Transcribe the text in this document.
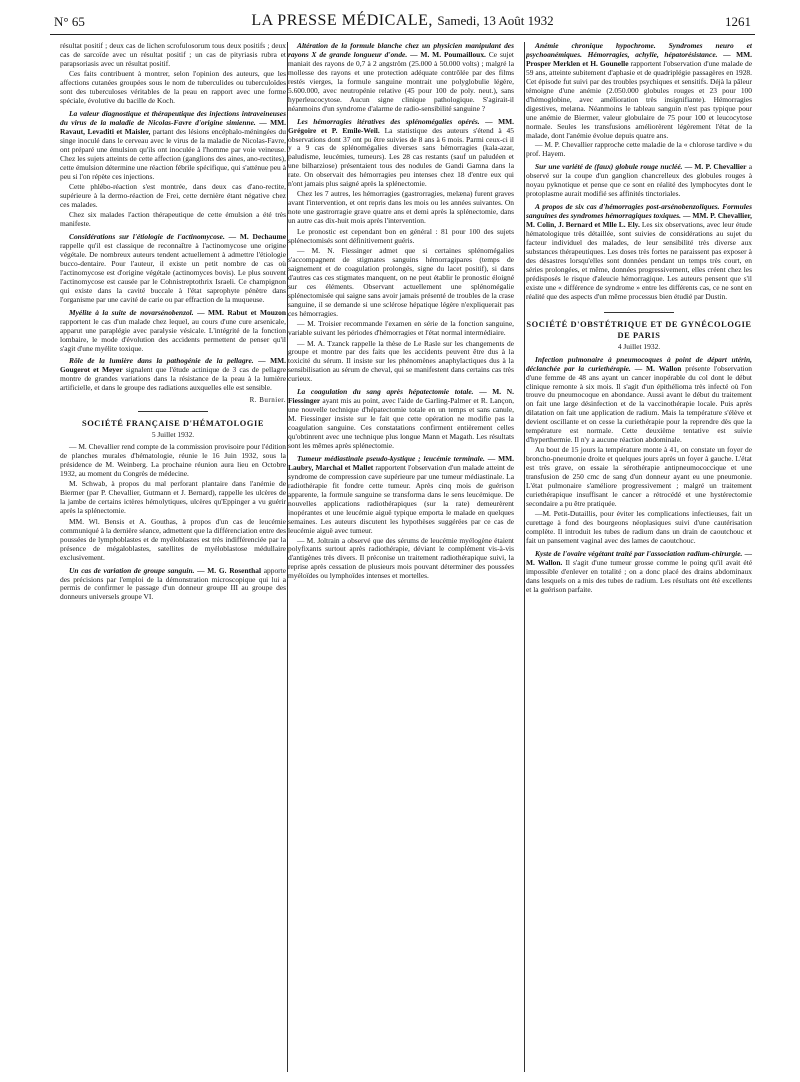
N° 65	LA PRESSE MÉDICALE, Samedi, 13 Août 1932	1261

résultat positif ; deux cas de lichen scrofulosorum tous deux positifs ; deux cas de sarcoïde avec un résultat positif ; un cas de pityriasis rubra et parapsoriasis avec un résultat positif.

Ces faits contribuent à montrer, selon l'opinion des auteurs, que les affections cutanées groupées sous le nom de tuberculides ou tuberculoïdes sont des tuberculoses véritables de la peau en rapport avec une forme spéciale, évolutive du bacille de Koch.

La valeur diagnostique et thérapeutique des injections intraveineuses du virus de la maladie de Nicolas-Favre d'origine simienne. — MM. Ravaut, Levaditi et Maisler, partant des lésions encéphalo-méningées du singe inoculé dans le cerveau avec le virus de la maladie de Nicolas-Favre, ont préparé une émulsion qu'ils ont inoculée à l'homme par voie veineuse. Chez les sujets atteints de cette affection (ganglions des aines, ano-rectites), cette émulsion détermine une réaction fébrile spécifique, qui s'atténue peu à peu si l'on répète ces injections.

Cette phlébo-réaction s'est montrée, dans deux cas d'ano-rectite, supérieure à la dermo-réaction de Frei, cette dernière étant négative chez ces malades.

Chez six malades l'action thérapeutique de cette émulsion a été très manifeste.

Considérations sur l'étiologie de l'actinomycose. — M. Dechaume rappelle qu'il est classique de reconnaître à l'actinomycose une origine végétale. De nombreux auteurs tendent actuellement à admettre l'étiologie bucco-dentaire. Pour l'auteur, il existe un petit nombre de cas où l'actinomycose est d'origine végétale (actinomyces bovis). Le plus souvent l'actinomycose est causée par le Cohnistreptothrix Israeli. Ce champignon qui existe dans la cavité buccale à l'état saprophyte pénètre dans l'organisme par une cavité de carie ou par effraction de la muqueuse.

Myélite à la suite de novarsénobenzol. — MM. Rabut et Mouzon rapportent le cas d'un malade chez lequel, au cours d'une cure arsenicale, apparut une paraplégie avec paralysie vésicale. L'intégrité de la fonction lombaire, le mode d'évolution des accidents permettent de penser qu'il s'agit d'une myélite toxique.

Rôle de la lumière dans la pathogénie de la pellagre. — MM. Gougerot et Meyer signalent que l'étude actinique de 3 cas de pellagre montre de grandes variations dans la résistance de la peau à la lumière artificielle, et dans le groupe des radiations auxquelles elle est sensible.

R. Burnier.
SOCIÉTÉ FRANÇAISE D'HÉMATOLOGIE
5 Juillet 1932.

— M. Chevallier rend compte de la commission provisoire pour l'édition de planches murales d'hématologie, réunie le 16 Juin 1932, sous la présidence de M. Weinberg. La prochaine réunion aura lieu en Octobre 1932, au moment du Congrès de médecine.

M. Schwab, à propos du mal perforant plantaire dans l'anémie de Biermer (par P. Chevallier, Gutmann et J. Bernard), rappelle les ulcères de la jambe de certains ictères hémolytiques, ulcères qu'Eppinger a vu guérir après la splénectomie.

MM. Wl. Bensis et A. Gouthas, à propos d'un cas de leucémie communiqué à la dernière séance, admettent que la différenciation entre des poussées de lymphoblastes et de myéloblastes est très indifférenciée par la présence de mégaloblastes, satellites de myéloblastose médullaire exclusivement.

Un cas de variation de groupe sanguin. — M. G. Rosenthal apporte des précisions par l'emploi de la démonstration microscopique qui lui a permis de confirmer le passage d'un donneur groupe III au groupe des donneurs universels groupe VI.

Altération de la formule blanche chez un physicien manipulant des rayons X de grande longueur d'onde. — M. M. Poumailloux. Ce sujet maniait des rayons de 0,7 à 2 angström (25.000 à 50.000 volts) ; malgré la mollesse des rayons et une protection adéquate contrôlée par des films restés vierges, la formule sanguine montrait une polyglobulie légère, 5.600.000, avec neutropénie relative (45 pour 100 de poly. neut.), sans hyperleucocytose. Aucun signe clinique pathologique. S'agirait-il néanmoins d'un syndrome d'alarme de radio-sensibilité sanguine ?

Les hémorragies itératives des splénomégalies opérés. — MM. Grégoire et P. Emile-Weil. La statistique des auteurs s'étend à 45 observations dont 37 ont pu être suivies de 8 ans à 6 mois. Parmi ceux-ci il y a 9 cas de splénomégalies diverses sans hémorragies (kala-azar, paludisme, leucémies, tumeurs). Les 28 cas restants (sauf un paludéen et une bilharziose) présentaient tous des nodules de Gandi Gamna dans la rate. On observait des hémorragies peu intenses chez 18 d'entre eux qui n'ont jamais plus saigné après la splénectomie.

Chez les 7 autres, les hémorragies (gastrorragies, melæna) furent graves avant l'intervention, et ont repris dans les mois ou les années suivantes. On note une gastrorragie grave quatre ans et demi après la splénectomie, dans un autre cas dix-huit mois après l'intervention.

Le pronostic est cependant bon en général : 81 pour 100 des sujets splénectomisés sont définitivement guéris.

— M. N. Fiessinger admet que si certaines splénomégalies s'accompagnent de stigmates sanguins hémorragipares (temps de saignement et de coagulation prolongés, signe du lacet positif), si dans d'autres cas ces stigmates manquent, on ne peut établir le pronostic éloigné sur ces éléments. Observant actuellement une splénomégalie splénectomisée qui saigne sans avoir jamais présenté de troubles de la crase sanguine, il se demande si une sclérose hépatique légère n'expliquerait pas ces hémorragies.

— M. Troisier recommande l'examen en série de la fonction sanguine, variable suivant les périodes d'hémorragies et l'état normal intermédiaire.

— M. A. Tzanck rappelle la thèse de Le Rasle sur les changements de groupe et montre par des faits que les accidents peuvent être dus à la toxicité du sérum. Il insiste sur les phénomènes anaphylactiques dus à la sensibilisation au sérum de cheval, qui se manifestent dans certains cas très curieux.

La coagulation du sang après hépatectomie totale. — M. N. Fiessinger ayant mis au point, avec l'aide de Garling-Palmer et R. Lançon, une nouvelle technique d'hépatectomie totale en un temps et sans canule, M. Fiessinger insiste sur le fait que cette opération ne modifie pas la coagulation sanguine. Ces constatations confirment entièrement celles qu'obtinrent avec une technique plus longue Mann et Magath. Les résultats sont les mêmes après splénectomie.

Tumeur médiastinale pseudo-kystique ; leucémie terminale. — MM. Laubry, Marchal et Mallet rapportent l'observation d'un malade atteint de syndrome de compression cave supérieure par une tumeur médiastinale. La radiothérapie fit fondre cette tumeur. Après cinq mois de guérison apparente, la formule sanguine se transforma dans le sens leucémique. De nouvelles applications radiothérapiques (sur la rate) demeurèrent inopérantes et une leucémie aiguë typique emporta le malade en quelques semaines. Les auteurs discutent les hypothèses suggérées par ce cas de leucémie aiguë avec tumeur.

— M. Joltrain a observé que des sérums de leucémie myélogène étaient polyfixants surtout après radiothérapie, déviant le complément vis-à-vis d'antigènes très divers. Il préconise un traitement radiothérapique suivi, la reprise après cessation de plusieurs mois pouvant déterminer des poussées myéloïdes ou lymphoïdes intenses et mortelles.

Anémie chronique hypochrome. Syndromes neuro et psychoanémiques. Hémorragies, achylie, hépatorésistance. — MM. Prosper Merklen et H. Gounelle rapportent l'observation d'une malade de 59 ans, atteinte subitement d'aphasie et de quadriplégie passagères en 1928. Cet épisode fut suivi par des troubles psychiques et sensitifs. Déjà la pâleur témoigne d'une anémie (2.050.000 globules rouges et 23 pour 100 d'hémoglobine, avec amélioration très insignifiante). Hémorragies digestives, melæna. Néanmoins le tableau sanguin n'est pas typique pour une anémie de Biermer, valeur globulaire de 75 pour 100 et leucocytose normale. Seules les transfusions améliorèrent légèrement l'état de la malade, dont l'anémie évolue depuis quatre ans.

— M. P. Chevallier rapproche cette maladie de la « chlorose tardive » du prof. Hayem.

Sur une variété de (faux) globule rouge nucléé. — M. P. Chevallier a observé sur la coupe d'un ganglion chancrelleux des globules rouges à noyau pyknotique et pense que ce sont en réalité des lymphocytes dont le protoplasme aurait modifié ses affinités tinctoriales.

A propos de six cas d'hémorragies post-arsénobenzoliques. Formules sanguines des syndromes hémorragiques toxiques. — MM. P. Chevallier, M. Colin, J. Bernard et Mlle L. Ely. Les six observations, avec leur étude hématologique très détaillée, sont suivies de considérations au sujet du facteur individuel des malades, de leur sensibilité très diverse aux substances thérapeutiques. Les doses très fortes ne paraissent pas exposer à des désastres lorsqu'elles sont données pendant un temps très court, en séries prolongées, et même, données progressivement, elles créent chez les prédisposés le risque d'aleucie hémorragique. Les auteurs pensent que s'il existe une « différence de syndrome » entre les différents cas, ce ne sont en réalité que des aspects d'un même processus bien étudié par Dustin.

SOCIÉTÉ D'OBSTÉTRIQUE ET DE GYNÉCOLOGIE DE PARIS
4 Juillet 1932.

Infection pulmonaire à pneumocoques à point de départ utérin, déclanchée par la curiethérapie. — M. Wallon présente l'observation d'une femme de 48 ans ayant un cancer inopérable du col dont le début clinique remonte à six mois. Il s'agit d'un épithélioma très infecté où l'on trouve du pneumocoque en abondance. Aussi avant le début du traitement on fait une large désinfection et de la vaccinothérapie locale. Puis après dilatation on fait une application de radium. Mais la température s'élève et devient oscillante et on cesse la curiethérapie pour la reprendre dès que la température est normale. Cette deuxième tentative est suivie d'hyperthermie. Il n'y a aucune réaction abdominale.

Au bout de 15 jours la température monte à 41, on constate un foyer de broncho-pneumonie droite et quelques jours après un foyer à gauche. L'état est très grave, on essaie la sérothérapie antipneumococcique et une transfusion de 250 cmc de sang d'un donneur ayant eu une pneumonie. L'état pulmonaire s'améliore progressivement ; malgré un traitement curiethérapique insuffisant le cancer a rétrocédé et une hystérectomie secondaire a pu être pratiquée.

—M. Petit-Dutaillis, pour éviter les complications infectieuses, fait un curettage à fond des bourgeons néoplasiques suivi d'une cautérisation complète. Il introduit les tubes de radium dans un drain de caoutchouc et fait un pansement vaginal avec des lames de caoutchouc.

Kyste de l'ovaire végétant traité par l'association radium-chirurgie. — M. Wallon. Il s'agit d'une tumeur grosse comme le poing qu'il avait été impossible d'enlever en totalité ; on a donc placé des drains abdominaux dans lesquels on a mis des tubes de radium. Les résultats ont été excellents et la guérison parfaite.
